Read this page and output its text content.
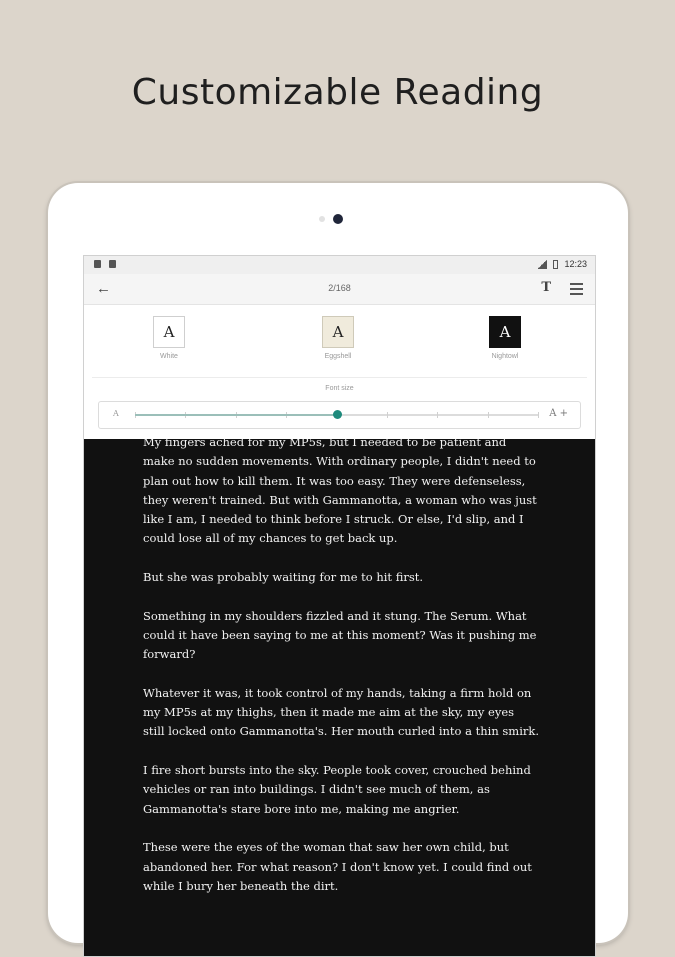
Customizable Reading
12:23
←	2/168	𝐓
A
White
A
Eggshell
A
Nightowl
Font size
A	A +

My fingers ached for my MP5s, but I needed to be patient and make no sudden movements. With ordinary people, I didn't need to plan out how to kill them. It was too easy. They were defenseless, they weren't trained. But with Gammanotta, a woman who was just like I am, I needed to think before I struck. Or else, I'd slip, and I could lose all of my chances to get back up.

But she was probably waiting for me to hit first.

Something in my shoulders fizzled and it stung. The Serum. What could it have been saying to me at this moment? Was it pushing me forward?

Whatever it was, it took control of my hands, taking a firm hold on my MP5s at my thighs, then it made me aim at the sky, my eyes still locked onto Gammanotta's. Her mouth curled into a thin smirk.

I fire short bursts into the sky. People took cover, crouched behind vehicles or ran into buildings. I didn't see much of them, as Gammanotta's stare bore into me, making me angrier.

These were the eyes of the woman that saw her own child, but abandoned her. For what reason? I don't know yet. I could find out while I bury her beneath the dirt.
